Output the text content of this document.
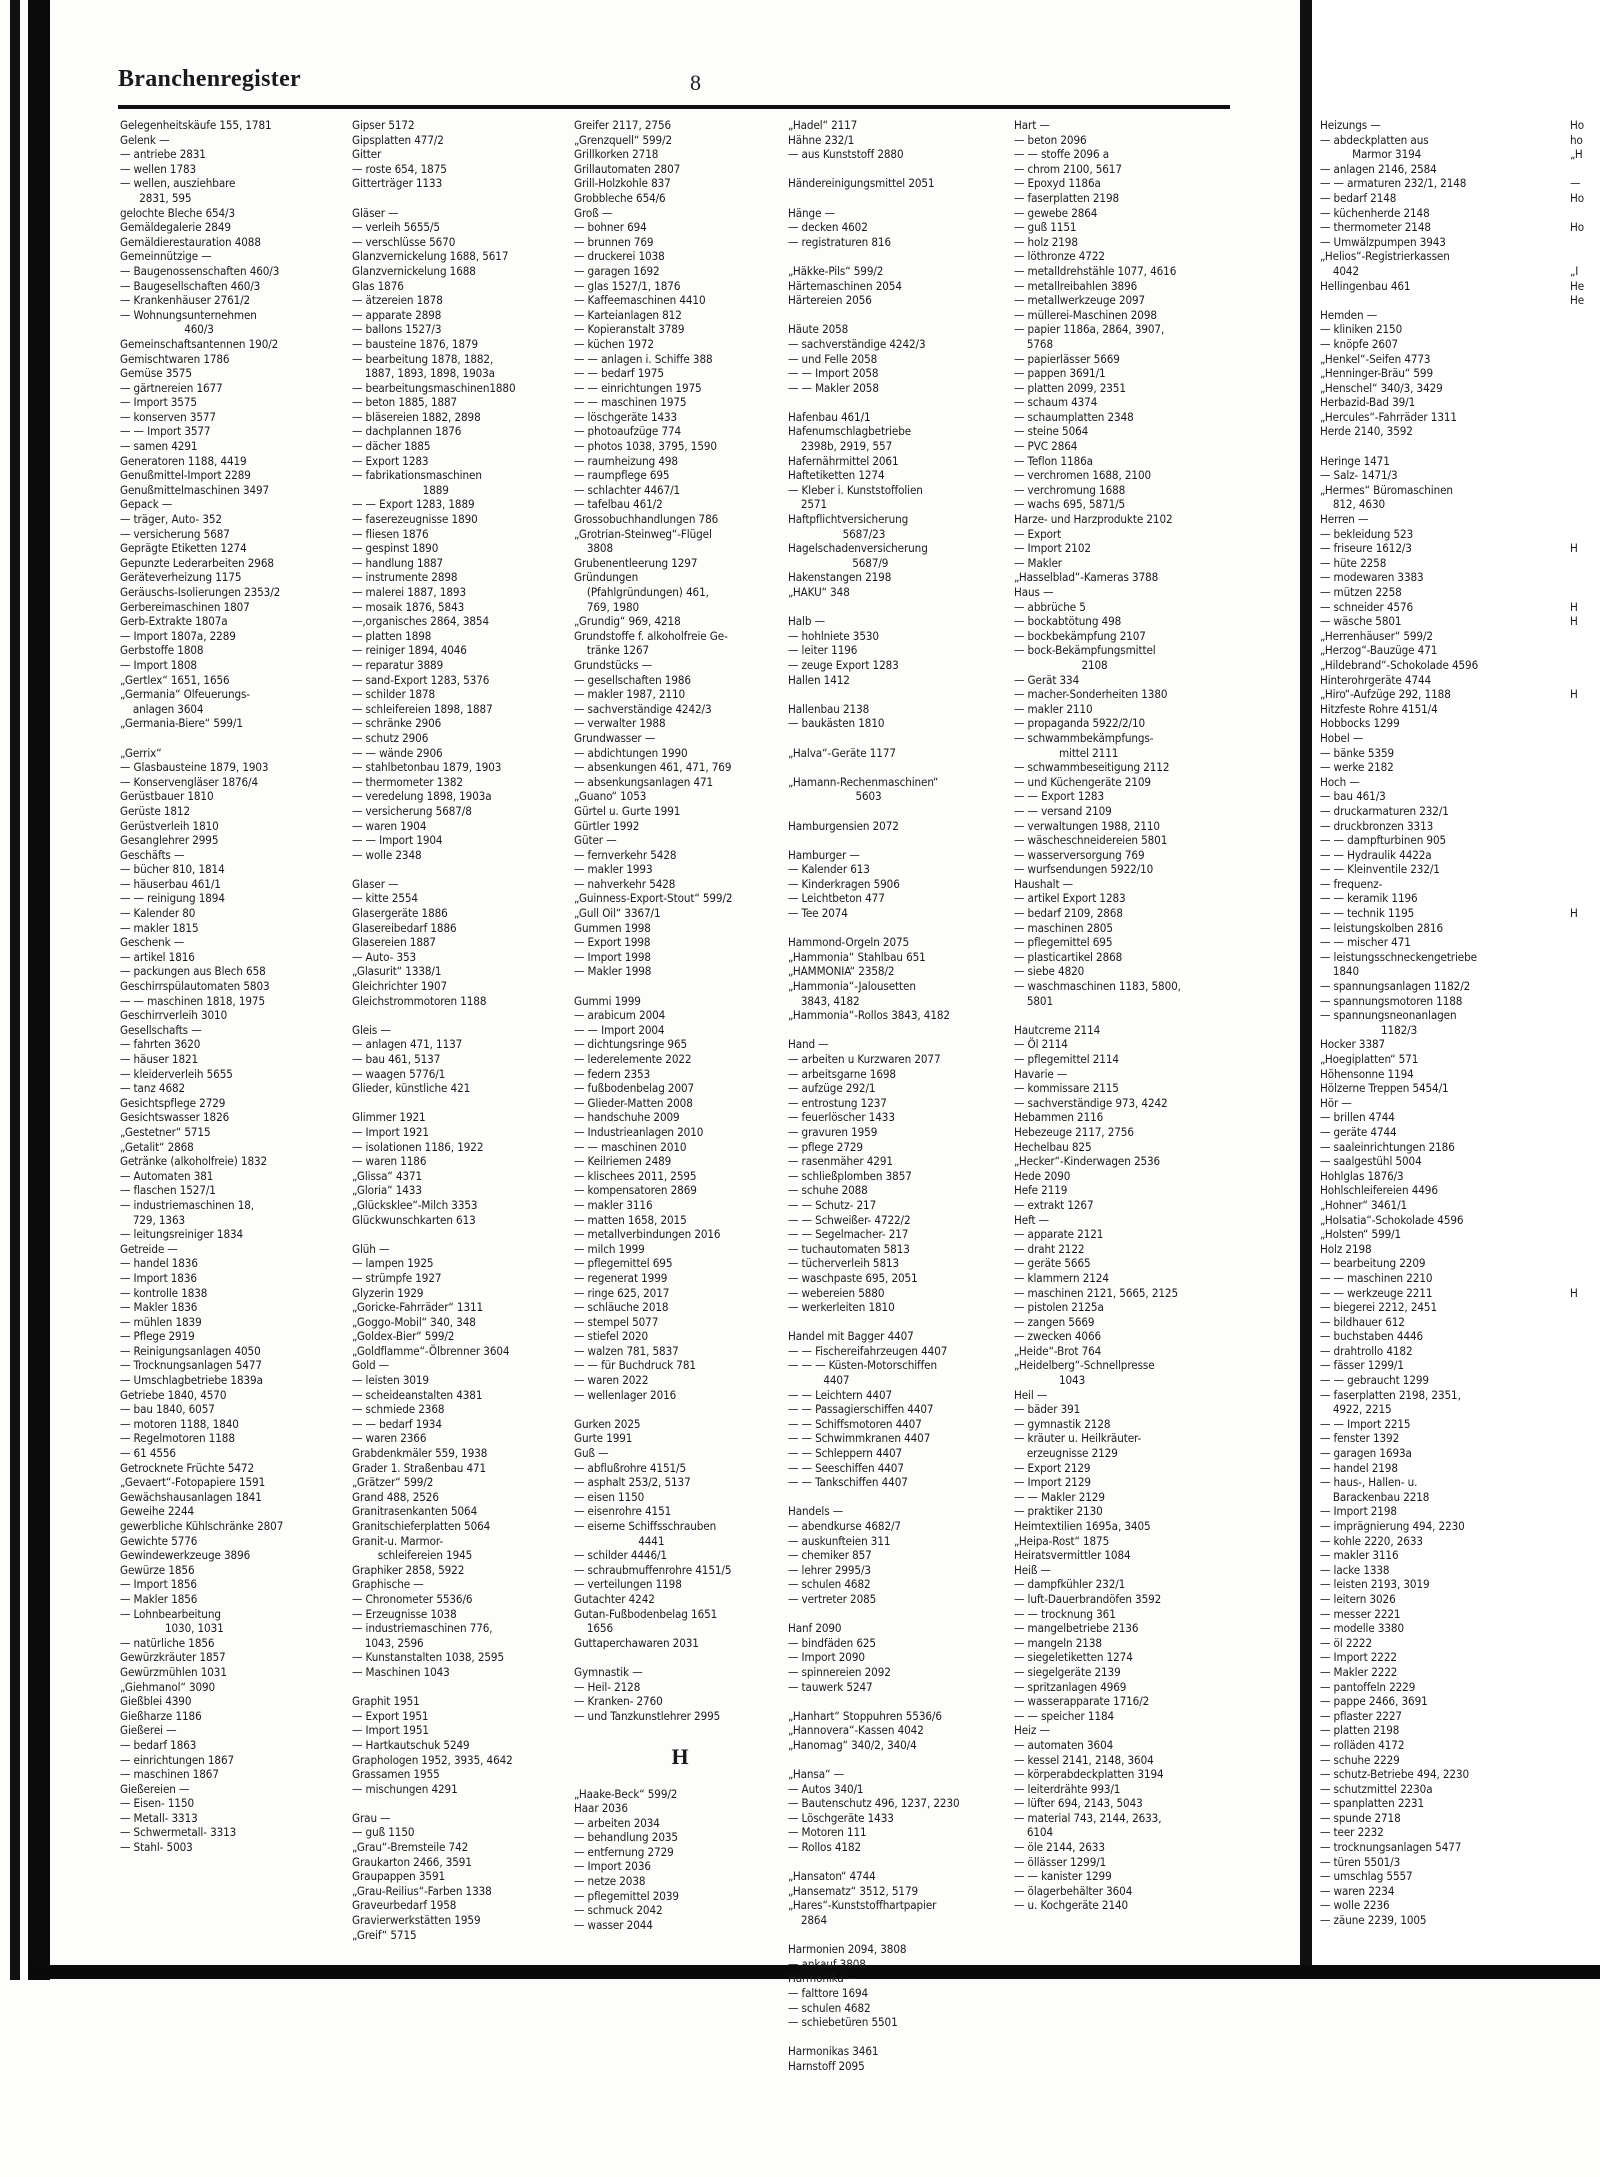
Branchenregister	8
Gelegenheitskäufe 155, 1781
Gelenk —
— antriebe 2831
— wellen 1783
— wellen, ausziehbare
2831, 595
gelochte Bleche 654/3
Gemäldegalerie 2849
Gemäldierestauration 4088
Gemeinnützige —
— Baugenossenschaften 460/3
— Baugesellschaften 460/3
— Krankenhäuser 2761/2
— Wohnungsunternehmen
460/3
Gemeinschaftsantennen 190/2
Gemischtwaren 1786
Gemüse 3575
— gärtnereien 1677
— Import 3575
— konserven 3577
— — Import 3577
— samen 4291
Generatoren 1188, 4419
Genußmittel-Import 2289
Genußmittelmaschinen 3497
Gepack —
— träger, Auto- 352
— versicherung 5687
Geprägte Etiketten 1274
Gepunzte Lederarbeiten 2968
Geräteverheizung 1175
Geräuschs-Isolierungen 2353/2
Gerbereimaschinen 1807
Gerb-Extrakte 1807a
— Import 1807a, 2289
Gerbstoffe 1808
— Import 1808
„Gertlex“ 1651, 1656
„Germania“ Olfeuerungs-
anlagen 3604
„Germania-Biere“ 599/1
„Gerrix“
— Glasbausteine 1879, 1903
— Konservengläser 1876/4
Gerüstbauer 1810
Gerüste 1812
Gerüstverleih 1810
Gesanglehrer 2995
Geschäfts —
— bücher 810, 1814
— häuserbau 461/1
— — reinigung 1894
— Kalender 80
— makler 1815
Geschenk —
— artikel 1816
— packungen aus Blech 658
Geschirrspülautomaten 5803
— — maschinen 1818, 1975
Geschirrverleih 3010
Gesellschafts —
— fahrten 3620
— häuser 1821
— kleiderverleih 5655
— tanz 4682
Gesichtspflege 2729
Gesichtswasser 1826
„Gestetner“ 5715
„Getalit“ 2868
Getränke (alkoholfreie) 1832
— Automaten 381
— flaschen 1527/1
— industriemaschinen 18,
729, 1363
— leitungsreiniger 1834
Getreide —
— handel 1836
— Import 1836
— kontrolle 1838
— Makler 1836
— mühlen 1839
— Pflege 2919
— Reinigungsanlagen 4050
— Trocknungsanlagen 5477
— Umschlagbetriebe 1839a
Getriebe 1840, 4570
— bau 1840, 6057
— motoren 1188, 1840
— Regelmotoren 1188
— 61 4556
Getrocknete Früchte 5472
„Gevaert“-Fotopapiere 1591
Gewächshausanlagen 1841
Geweihe 2244
gewerbliche Kühlschränke 2807
Gewichte 5776
Gewindewerkzeuge 3896
Gewürze 1856
— Import 1856
— Makler 1856
— Lohnbearbeitung
1030, 1031
— natürliche 1856
Gewürzkräuter 1857
Gewürzmühlen 1031
„Giehmanol“ 3090
Gießblei 4390
Gießharze 1186
Gießerei —
— bedarf 1863
— einrichtungen 1867
— maschinen 1867
Gießereien —
— Eisen- 1150
— Metall- 3313
— Schwermetall- 3313
— Stahl- 5003
Gipser 5172
Gipsplatten 477/2
Gitter
— roste 654, 1875
Gitterträger 1133
Gläser —
— verleih 5655/5
— verschlüsse 5670
Glanzvernickelung 1688, 5617
Glanzvernickelung 1688
Glas 1876
— ätzereien 1878
— apparate 2898
— ballons 1527/3
— bausteine 1876, 1879
— bearbeitung 1878, 1882,
1887, 1893, 1898, 1903a
— bearbeitungsmaschinen1880
— beton 1885, 1887
— bläsereien 1882, 2898
— dachplannen 1876
— dächer 1885
— Export 1283
— fabrikationsmaschinen
1889
— — Export 1283, 1889
— faserezeugnisse 1890
— fliesen 1876
— gespinst 1890
— handlung 1887
— instrumente 2898
— malerei 1887, 1893
— mosaik 1876, 5843
—,organisches 2864, 3854
— platten 1898
— reiniger 1894, 4046
— reparatur 3889
— sand-Export 1283, 5376
— schilder 1878
— schleifereien 1898, 1887
— schränke 2906
— schutz 2906
— — wände 2906
— stahlbetonbau 1879, 1903
— thermometer 1382
— veredelung 1898, 1903a
— versicherung 5687/8
— waren 1904
— — Import 1904
— wolle 2348
Glaser —
— kitte 2554
Glasergeräte 1886
Glasereibedarf 1886
Glasereien 1887
— Auto- 353
„Glasurit“ 1338/1
Gleichrichter 1907
Gleichstrommotoren 1188
Gleis —
— anlagen 471, 1137
— bau 461, 5137
— waagen 5776/1
Glieder, künstliche 421
Glimmer 1921
— Import 1921
— isolationen 1186, 1922
— waren 1186
„Glissa“ 4371
„Gloria“ 1433
„Glücksklee“-Milch 3353
Glückwunschkarten 613
Glüh —
— lampen 1925
— strümpfe 1927
Glyzerin 1929
„Goricke-Fahrräder“ 1311
„Goggo-Mobil“ 340, 348
„Goldex-Bier“ 599/2
„Goldflamme“-Ölbrenner 3604
Gold —
— leisten 3019
— scheideanstalten 4381
— schmiede 2368
— — bedarf 1934
— waren 2366
Grabdenkmäler 559, 1938
Grader 1. Straßenbau 471
„Grätzer“ 599/2
Grand 488, 2526
Granitrasenkanten 5064
Granitschieferplatten 5064
Granit-u. Marmor-
schleifereien 1945
Graphiker 2858, 5922
Graphische —
— Chronometer 5536/6
— Erzeugnisse 1038
— industriemaschinen 776,
1043, 2596
— Kunstanstalten 1038, 2595
— Maschinen 1043
Graphit 1951
— Export 1951
— Import 1951
— Hartkautschuk 5249
Graphologen 1952, 3935, 4642
Grassamen 1955
— mischungen 4291
Grau —
— guß 1150
„Grau“-Bremsteile 742
Graukarton 2466, 3591
Graupappen 3591
„Grau-Reilius“-Farben 1338
Graveurbedarf 1958
Gravierwerkstätten 1959
„Greif“ 5715
Greifer 2117, 2756
„Grenzquell“ 599/2
Grillkorken 2718
Grillautomaten 2807
Grill-Holzkohle 837
Grobbleche 654/6
Groß —
— bohner 694
— brunnen 769
— druckerei 1038
— garagen 1692
— glas 1527/1, 1876
— Kaffeemaschinen 4410
— Karteianlagen 812
— Kopieranstalt 3789
— küchen 1972
— — anlagen i. Schiffe 388
— — bedarf 1975
— — einrichtungen 1975
— — maschinen 1975
— löschgeräte 1433
— photoaufzüge 774
— photos 1038, 3795, 1590
— raumheizung 498
— raumpflege 695
— schlachter 4467/1
— tafelbau 461/2
Grossobuchhandlungen 786
„Grotrian-Steinweg“-Flügel
3808
Grubenentleerung 1297
Gründungen
(Pfahlgründungen) 461,
769, 1980
„Grundig“ 969, 4218
Grundstoffe f. alkoholfreie Ge-
tränke 1267
Grundstücks —
— gesellschaften 1986
— makler 1987, 2110
— sachverständige 4242/3
— verwalter 1988
Grundwasser —
— abdichtungen 1990
— absenkungen 461, 471, 769
— absenkungsanlagen 471
„Guano“ 1053
Gürtel u. Gurte 1991
Gürtler 1992
Güter —
— fernverkehr 5428
— makler 1993
— nahverkehr 5428
„Guinness-Export-Stout“ 599/2
„Gull Oil“ 3367/1
Gummen 1998
— Export 1998
— Import 1998
— Makler 1998
Gummi 1999
— arabicum 2004
— — Import 2004
— dichtungsringe 965
— lederelemente 2022
— federn 2353
— fußbodenbelag 2007
— Glieder-Matten 2008
— handschuhe 2009
— Industrieanlagen 2010
— — maschinen 2010
— Keilriemen 2489
— klischees 2011, 2595
— kompensatoren 2869
— makler 3116
— matten 1658, 2015
— metallverbindungen 2016
— milch 1999
— pflegemittel 695
— regenerat 1999
— ringe 625, 2017
— schläuche 2018
— stempel 5077
— stiefel 2020
— walzen 781, 5837
— — für Buchdruck 781
— waren 2022
— wellenlager 2016
Gurken 2025
Gurte 1991
Guß —
— abflußrohre 4151/5
— asphalt 253/2, 5137
— eisen 1150
— eisenrohre 4151
— eiserne Schiffsschrauben
4441
— schilder 4446/1
— schraubmuffenrohre 4151/5
— verteilungen 1198
Gutachter 4242
Gutan-Fußbodenbelag 1651
1656
Guttaperchawaren 2031
Gymnastik —
— Heil- 2128
— Kranken- 2760
— und Tanzkunstlehrer 2995
H
„Haake-Beck“ 599/2
Haar 2036
— arbeiten 2034
— behandlung 2035
— entfernung 2729
— Import 2036
— netze 2038
— pflegemittel 2039
— schmuck 2042
— wasser 2044
„Hadel“ 2117
Hähne 232/1
— aus Kunststoff 2880
Händereinigungsmittel 2051
Hänge —
— decken 4602
— registraturen 816
„Häkke-Pils“ 599/2
Härtemaschinen 2054
Härtereien 2056
Häute 2058
— sachverständige 4242/3
— und Felle 2058
— — Import 2058
— — Makler 2058
Hafenbau 461/1
Hafenumschlagbetriebe
2398b, 2919, 557
Hafernährmittel 2061
Haftetiketten 1274
— Kleber i. Kunststoffolien
2571
Haftpflichtversicherung
5687/23
Hagelschadenversicherung
5687/9
Hakenstangen 2198
„HAKU“ 348
Halb —
— hohlniete 3530
— leiter 1196
— zeuge Export 1283
Hallen 1412
Hallenbau 2138
— baukästen 1810
„Halva“-Geräte 1177
„Hamann-Rechenmaschinen“
5603
Hamburgensien 2072
Hamburger —
— Kalender 613
— Kinderkragen 5906
— Leichtbeton 477
— Tee 2074
Hammond-Orgeln 2075
„Hammonia“ Stahlbau 651
„HAMMONIA“ 2358/2
„Hammonia“-Jalousetten
3843, 4182
„Hammonia“-Rollos 3843, 4182
Hand —
— arbeiten u Kurzwaren 2077
— arbeitsgarne 1698
— aufzüge 292/1
— entrostung 1237
— feuerlöscher 1433
— gravuren 1959
— pflege 2729
— rasenmäher 4291
— schließplomben 3857
— schuhe 2088
— — Schutz- 217
— — Schweißer- 4722/2
— — Segelmacher- 217
— tuchautomaten 5813
— tücherverleih 5813
— waschpaste 695, 2051
— webereien 5880
— werkerleiten 1810
Handel mit Bagger 4407
— — Fischereifahrzeugen 4407
— — — Küsten-Motorschiffen
4407
— — Leichtern 4407
— — Passagierschiffen 4407
— — Schiffsmotoren 4407
— — Schwimmkranen 4407
— — Schleppern 4407
— — Seeschiffen 4407
— — Tankschiffen 4407
Handels —
— abendkurse 4682/7
— auskunfteien 311
— chemiker 857
— lehrer 2995/3
— schulen 4682
— vertreter 2085
Hanf 2090
— bindfäden 625
— Import 2090
— spinnereien 2092
— tauwerk 5247
„Hanhart“ Stoppuhren 5536/6
„Hannovera“-Kassen 4042
„Hanomag“ 340/2, 340/4
„Hansa“ —
— Autos 340/1
— Bautenschutz 496, 1237, 2230
— Löschgeräte 1433
— Motoren 111
— Rollos 4182
„Hansaton“ 4744
„Hansematz“ 3512, 5179
„Hares“-Kunststoffhartpapier
2864
Harmonien 2094, 3808
— ankauf 3808
Harmonika —
— falttore 1694
— schulen 4682
— schiebetüren 5501
Harmonikas 3461
Harnstoff 2095
Hart —
— beton 2096
— — stoffe 2096 a
— chrom 2100, 5617
— Epoxyd 1186a
— faserplatten 2198
— gewebe 2864
— guß 1151
— holz 2198
— löthronze 4722
— metalldrehstähle 1077, 4616
— metallreibahlen 3896
— metallwerkzeuge 2097
— müllerei-Maschinen 2098
— papier 1186a, 2864, 3907,
5768
— papierlässer 5669
— pappen 3691/1
— platten 2099, 2351
— schaum 4374
— schaumplatten 2348
— steine 5064
— PVC 2864
— Teflon 1186a
— verchromen 1688, 2100
— verchromung 1688
— wachs 695, 5871/5
Harze- und Harzprodukte 2102
— Export
— Import 2102
— Makler
„Hasselblad“-Kameras 3788
Haus —
— abbrüche 5
— bockabtötung 498
— bockbekämpfung 2107
— bock-Bekämpfungsmittel
2108
— Gerät 334
— macher-Sonderheiten 1380
— makler 2110
— propaganda 5922/2/10
— schwammbekämpfungs-
mittel 2111
— schwammbeseitigung 2112
— und Küchengeräte 2109
— — Export 1283
— — versand 2109
— verwaltungen 1988, 2110
— wäscheschneidereien 5801
— wasserversorgung 769
— wurfsendungen 5922/10
Haushalt —
— artikel Export 1283
— bedarf 2109, 2868
— maschinen 2805
— pflegemittel 695
— plasticartikel 2868
— siebe 4820
— waschmaschinen 1183, 5800,
5801
Hautcreme 2114
— Öl 2114
— pflegemittel 2114
Havarie —
— kommissare 2115
— sachverständige 973, 4242
Hebammen 2116
Hebezeuge 2117, 2756
Hechelbau 825
„Hecker“-Kinderwagen 2536
Hede 2090
Hefe 2119
— extrakt 1267
Heft —
— apparate 2121
— draht 2122
— geräte 5665
— klammern 2124
— maschinen 2121, 5665, 2125
— pistolen 2125a
— zangen 5669
— zwecken 4066
„Heide“-Brot 764
„Heidelberg“-Schnellpresse
1043
Heil —
— bäder 391
— gymnastik 2128
— kräuter u. Heilkräuter-
erzeugnisse 2129
— Export 2129
— Import 2129
— — Makler 2129
— praktiker 2130
Heimtextilien 1695a, 3405
„Heipa-Rost“ 1875
Heiratsvermittler 1084
Heiß —
— dampfkühler 232/1
— luft-Dauerbrandöfen 3592
— — trocknung 361
— mangelbetriebe 2136
— mangeln 2138
— siegeletiketten 1274
— siegelgeräte 2139
— spritzanlagen 4969
— wasserapparate 1716/2
— — speicher 1184
Heiz —
— automaten 3604
— kessel 2141, 2148, 3604
— körperabdeckplatten 3194
— leiterdrähte 993/1
— lüfter 694, 2143, 5043
— material 743, 2144, 2633,
6104
— öle 2144, 2633
— öllässer 1299/1
— — kanister 1299
— ölagerbehälter 3604
— u. Kochgeräte 2140
Heizungs —
— abdeckplatten aus
Marmor 3194
— anlagen 2146, 2584
— — armaturen 232/1, 2148
— bedarf 2148
— küchenherde 2148
— thermometer 2148
— Umwälzpumpen 3943
„Helios“-Registrierkassen
4042
Hellingenbau 461
Hemden —
— kliniken 2150
— knöpfe 2607
„Henkel“-Seifen 4773
„Henninger-Bräu“ 599
„Henschel“ 340/3, 3429
Herbazid-Bad 39/1
„Hercules“-Fahrräder 1311
Herde 2140, 3592
Heringe 1471
— Salz- 1471/3
„Hermes“ Büromaschinen
812, 4630
Herren —
— bekleidung 523
— friseure 1612/3
— hüte 2258
— modewaren 3383
— mützen 2258
— schneider 4576
— wäsche 5801
„Herrenhäuser“ 599/2
„Herzog“-Bauzüge 471
„Hildebrand“-Schokolade 4596
Hinterohrgeräte 4744
„Hiro“-Aufzüge 292, 1188
Hitzfeste Rohre 4151/4
Hobbocks 1299
Hobel —
— bänke 5359
— werke 2182
Hoch —
— bau 461/3
— druckarmaturen 232/1
— druckbronzen 3313
— — dampfturbinen 905
— — Hydraulik 4422a
— — Kleinventile 232/1
— frequenz-
— — keramik 1196
— — technik 1195
— leistungskolben 2816
— — mischer 471
— leistungsschneckengetriebe
1840
— spannungsanlagen 1182/2
— spannungsmotoren 1188
— spannungsneonanlagen
1182/3
Hocker 3387
„Hoegiplatten“ 571
Höhensonne 1194
Hölzerne Treppen 5454/1
Hör —
— brillen 4744
— geräte 4744
— saaleinrichtungen 2186
— saalgestühl 5004
Hohlglas 1876/3
Hohlschleifereien 4496
„Hohner“ 3461/1
„Holsatia“-Schokolade 4596
„Holsten“ 599/1
Holz 2198
— bearbeitung 2209
— — maschinen 2210
— — werkzeuge 2211
— biegerei 2212, 2451
— bildhauer 612
— buchstaben 4446
— drahtrollo 4182
— fässer 1299/1
— — gebraucht 1299
— faserplatten 2198, 2351,
4922, 2215
— — Import 2215
— fenster 1392
— garagen 1693a
— handel 2198
— haus-, Hallen- u.
Barackenbau 2218
— Import 2198
— imprägnierung 494, 2230
— kohle 2220, 2633
— makler 3116
— lacke 1338
— leisten 2193, 3019
— leitern 3026
— messer 2221
— modelle 3380
— öl 2222
— Import 2222
— Makler 2222
— pantoffeln 2229
— pappe 2466, 3691
— pflaster 2227
— platten 2198
— rolläden 4172
— schuhe 2229
— schutz-Betriebe 494, 2230
— schutzmittel 2230a
— spanplatten 2231
— spunde 2718
— teer 2232
— trocknungsanlagen 5477
— türen 5501/3
— umschlag 5557
— waren 2234
— wolle 2236
— zäune 2239, 1005
Ho
ho
„H
—
Ho
Ho
„I
He
He
H
H
H
H
H
H
